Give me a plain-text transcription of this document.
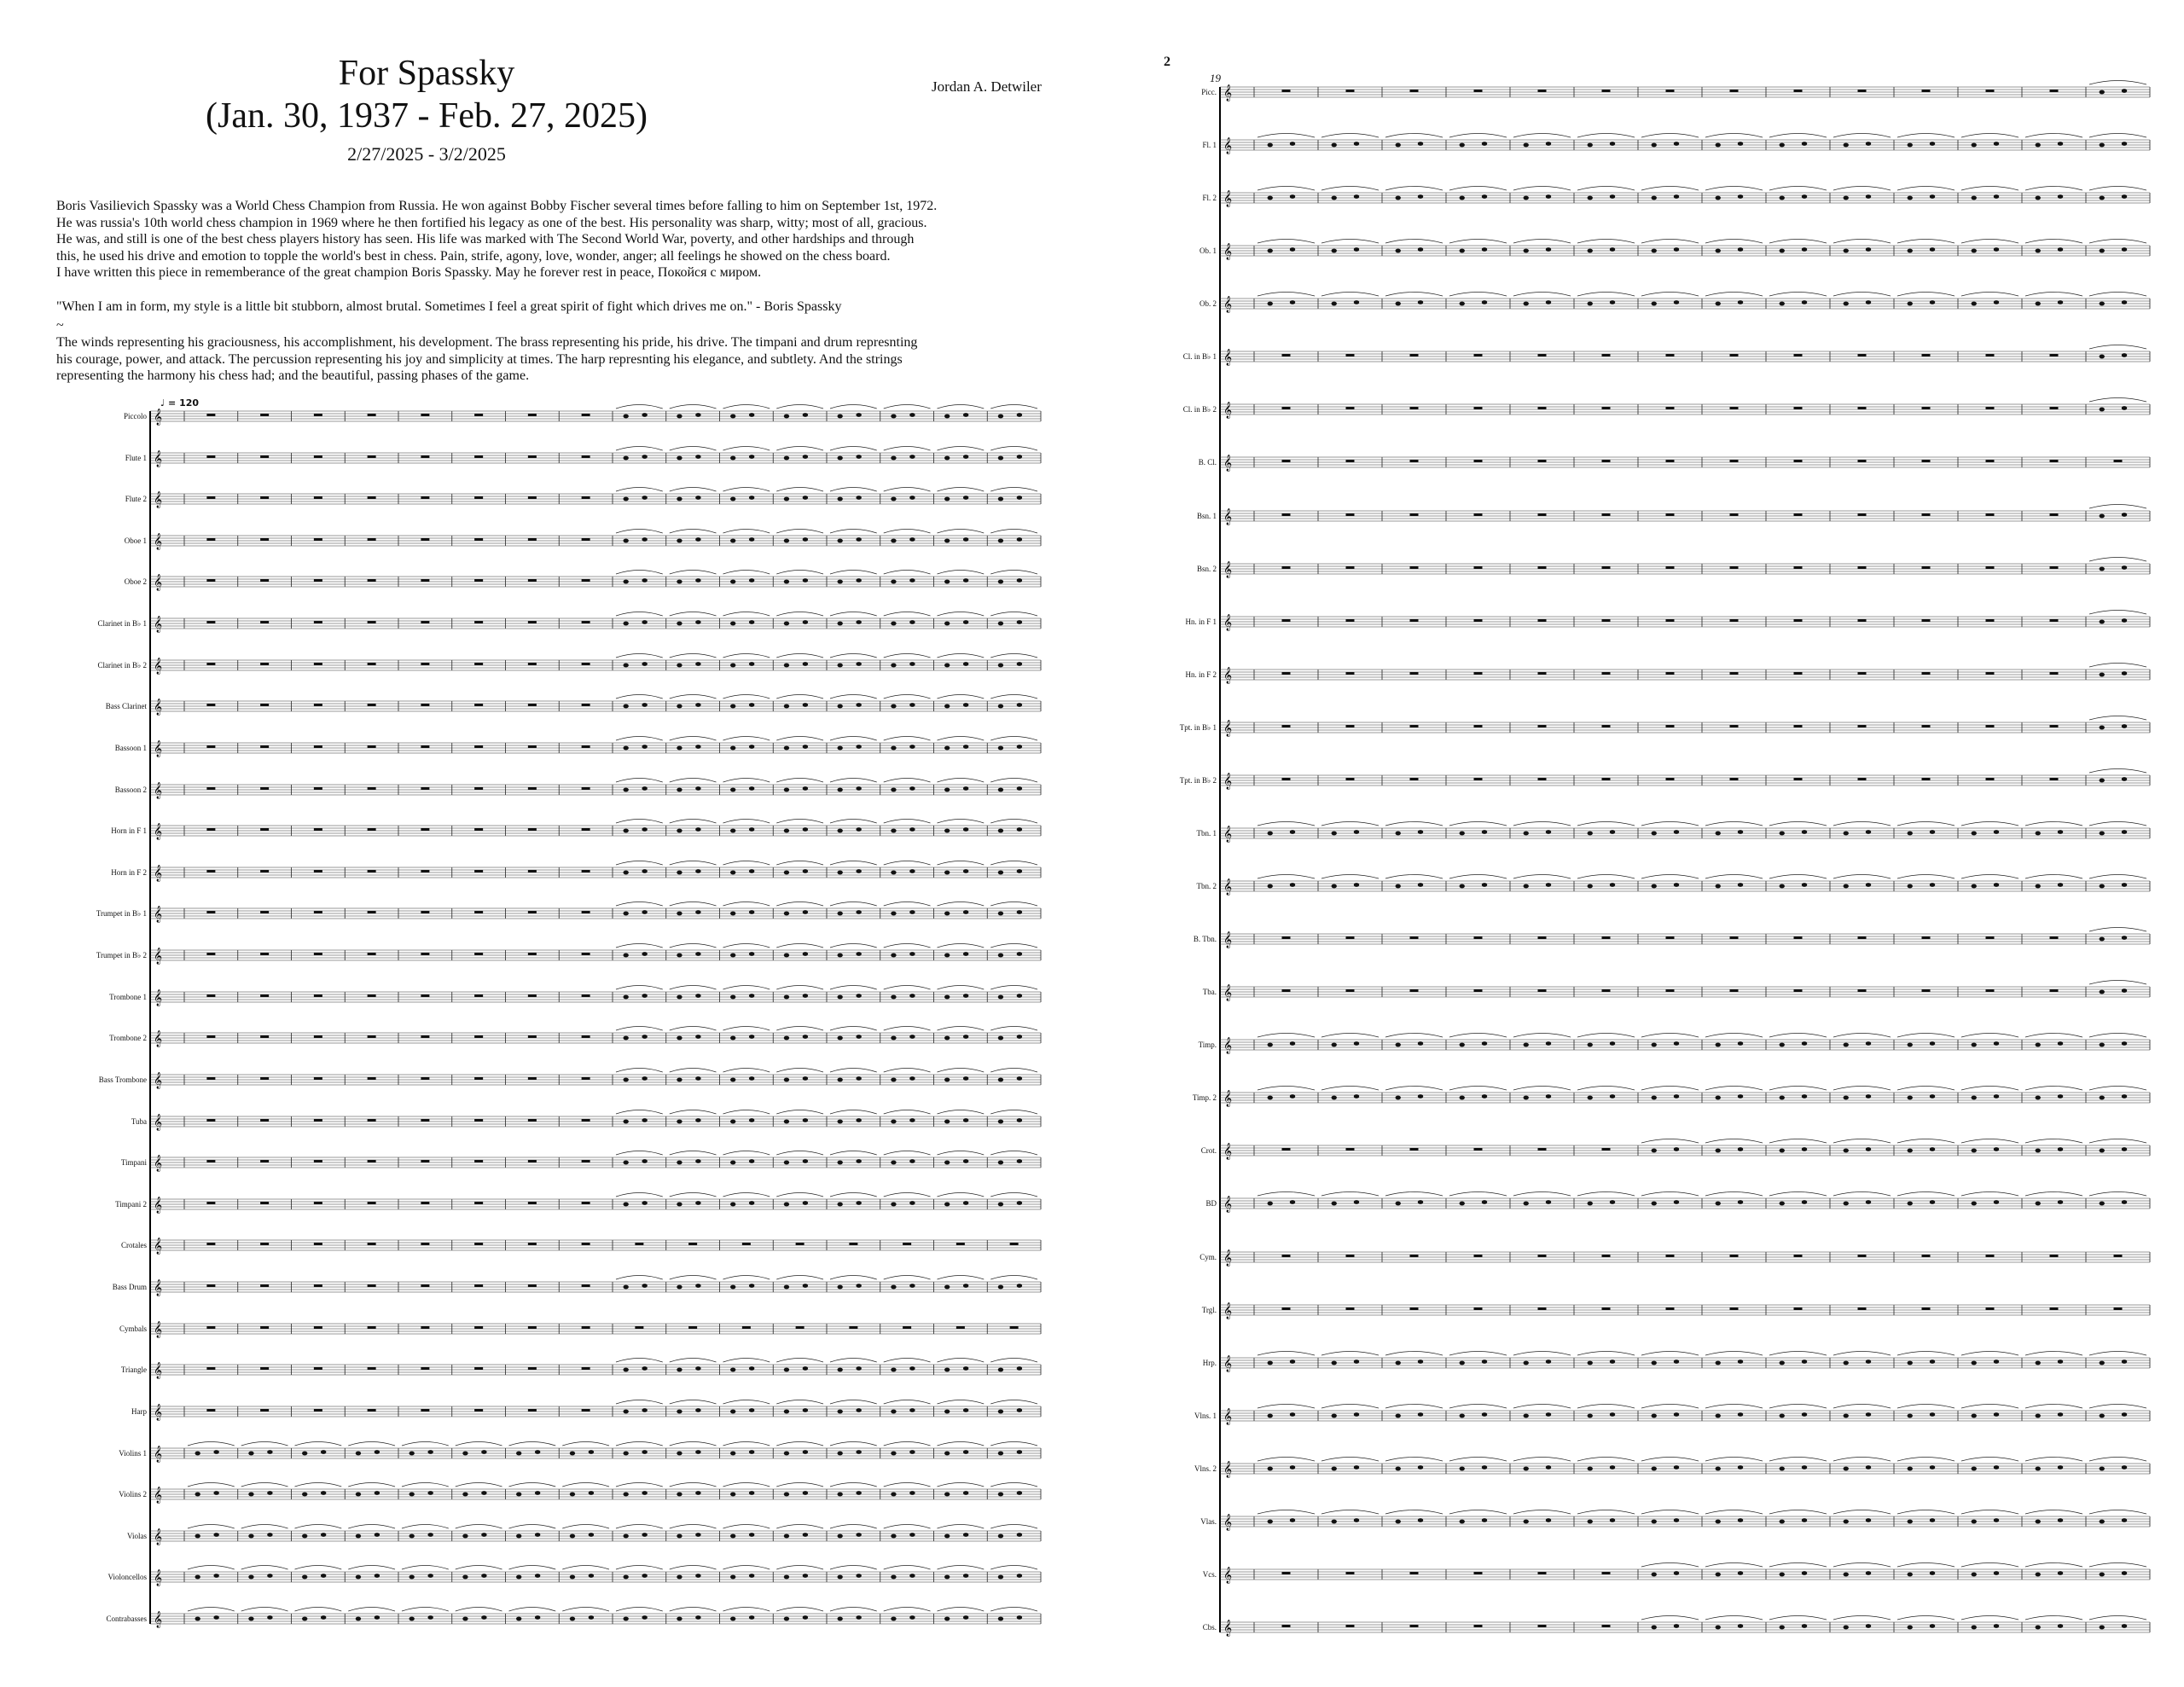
For Spassky
(Jan. 30, 1937 - Feb. 27, 2025)
2/27/2025 - 3/2/2025
Jordan A. Detwiler

Boris Vasilievich Spassky was a World Chess Champion from Russia. He won against Bobby Fischer several times before falling to him on September 1st, 1972.

He was russia's 10th world chess champion in 1969 where he then fortified his legacy as one of the best. His personality was sharp, witty; most of all, gracious.

He was, and still is one of the best chess players history has seen. His life was marked with The Second World War, poverty, and other hardships and through

this, he used his drive and emotion to topple the world's best in chess. Pain, strife, agony, love, wonder, anger; all feelings he showed on the chess board.

I have written this piece in rememberance of the great champion Boris Spassky. May he forever rest in peace, Покойся с миром.

"When I am in form, my style is a little bit stubborn, almost brutal. Sometimes I feel a great spirit of fight which drives me on." - Boris Spassky
~

The winds representing his graciousness, his accomplishment, his development. The brass representing his pride, his drive. The timpani and drum represnting

his courage, power, and attack. The percussion representing his joy and simplicity at times. The harp represnting his elegance, and subtlety. And the strings

representing the harmony his chess had; and the beautiful, passing phases of the game.

♩ = 120
Piccolo 𝄞
Flute 1 𝄞
Flute 2 𝄞
Oboe 1 𝄞
Oboe 2 𝄞
Clarinet in B♭ 1 𝄞
Clarinet in B♭ 2 𝄞
Bass Clarinet 𝄞
Bassoon 1 𝄞
Bassoon 2 𝄞
Horn in F 1 𝄞
Horn in F 2 𝄞
Trumpet in B♭ 1 𝄞
Trumpet in B♭ 2 𝄞
Trombone 1 𝄞
Trombone 2 𝄞
Bass Trombone 𝄞
Tuba 𝄞
Timpani 𝄞
Timpani 2 𝄞
Crotales 𝄞
Bass Drum 𝄞
Cymbals 𝄞
Triangle 𝄞
Harp 𝄞
Violins 1 𝄞
Violins 2 𝄞
Violas 𝄞
Violoncellos 𝄞
Contrabasses 𝄞
2
19
Picc. 𝄞
Fl. 1 𝄞
Fl. 2 𝄞
Ob. 1 𝄞
Ob. 2 𝄞
Cl. in B♭ 1 𝄞
Cl. in B♭ 2 𝄞
B. Cl. 𝄞
Bsn. 1 𝄞
Bsn. 2 𝄞
Hn. in F 1 𝄞
Hn. in F 2 𝄞
Tpt. in B♭ 1 𝄞
Tpt. in B♭ 2 𝄞
Tbn. 1 𝄞
Tbn. 2 𝄞
B. Tbn. 𝄞
Tba. 𝄞
Timp. 𝄞
Timp. 2 𝄞
Crot. 𝄞
BD 𝄞
Cym. 𝄞
Trgl. 𝄞
Hrp. 𝄞
Vlns. 1 𝄞
Vlns. 2 𝄞
Vlas. 𝄞
Vcs. 𝄞
Cbs. 𝄞
